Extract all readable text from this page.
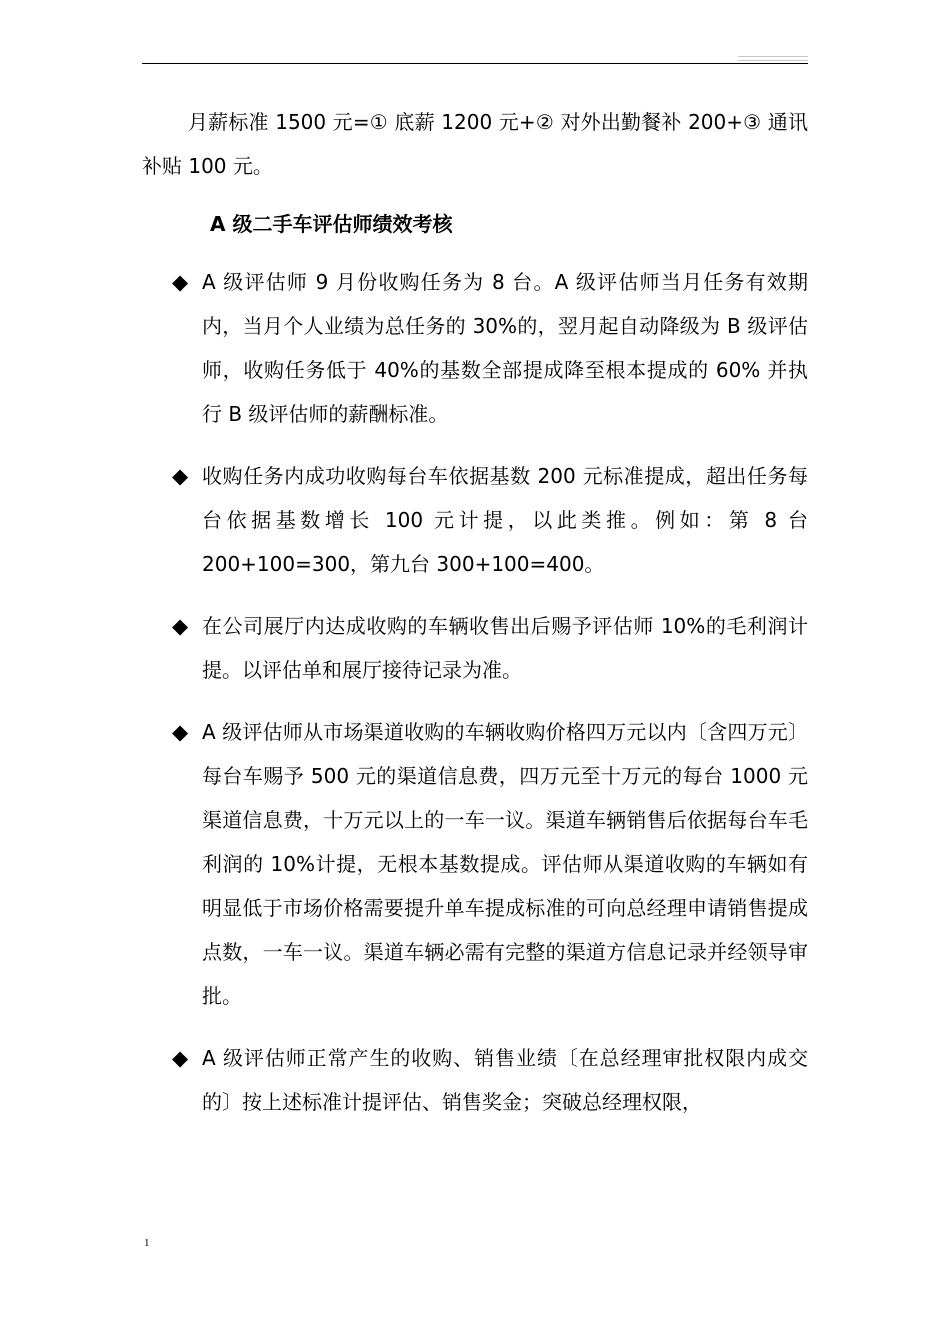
月薪标准 1500 元=① 底薪 1200 元+② 对外出勤餐补 200+③ 通讯补贴 100 元。

A 级二手车评估师绩效考核
◆ A 级评估师 9 月份收购任务为 8 台。A 级评估师当月任务有效期内，当月个人业绩为总任务的 30%的，翌月起自动降级为 B 级评估师，收购任务低于 40%的基数全部提成降至根本提成的 60% 并执行 B 级评估师的薪酬标准。

◆ 收购任务内成功收购每台车依据基数 200 元标准提成，超出任务每台依据基数增长 100 元计提，以此类推。例如：第 8 台 200+100=300，第九台 300+100=400。

◆ 在公司展厅内达成收购的车辆收售出后赐予评估师 10%的毛利润计提。以评估单和展厅接待记录为准。

◆ A 级评估师从市场渠道收购的车辆收购价格四万元以内〔含四万元〕每台车赐予 500 元的渠道信息费，四万元至十万元的每台 1000 元渠道信息费，十万元以上的一车一议。渠道车辆销售后依据每台车毛利润的 10%计提，无根本基数提成。评估师从渠道收购的车辆如有明显低于市场价格需要提升单车提成标准的可向总经理申请销售提成点数，一车一议。渠道车辆必需有完整的渠道方信息记录并经领导审批。

◆ A 级评估师正常产生的收购、销售业绩〔在总经理审批权限内成交的〕按上述标准计提评估、销售奖金；突破总经理权限，

1
